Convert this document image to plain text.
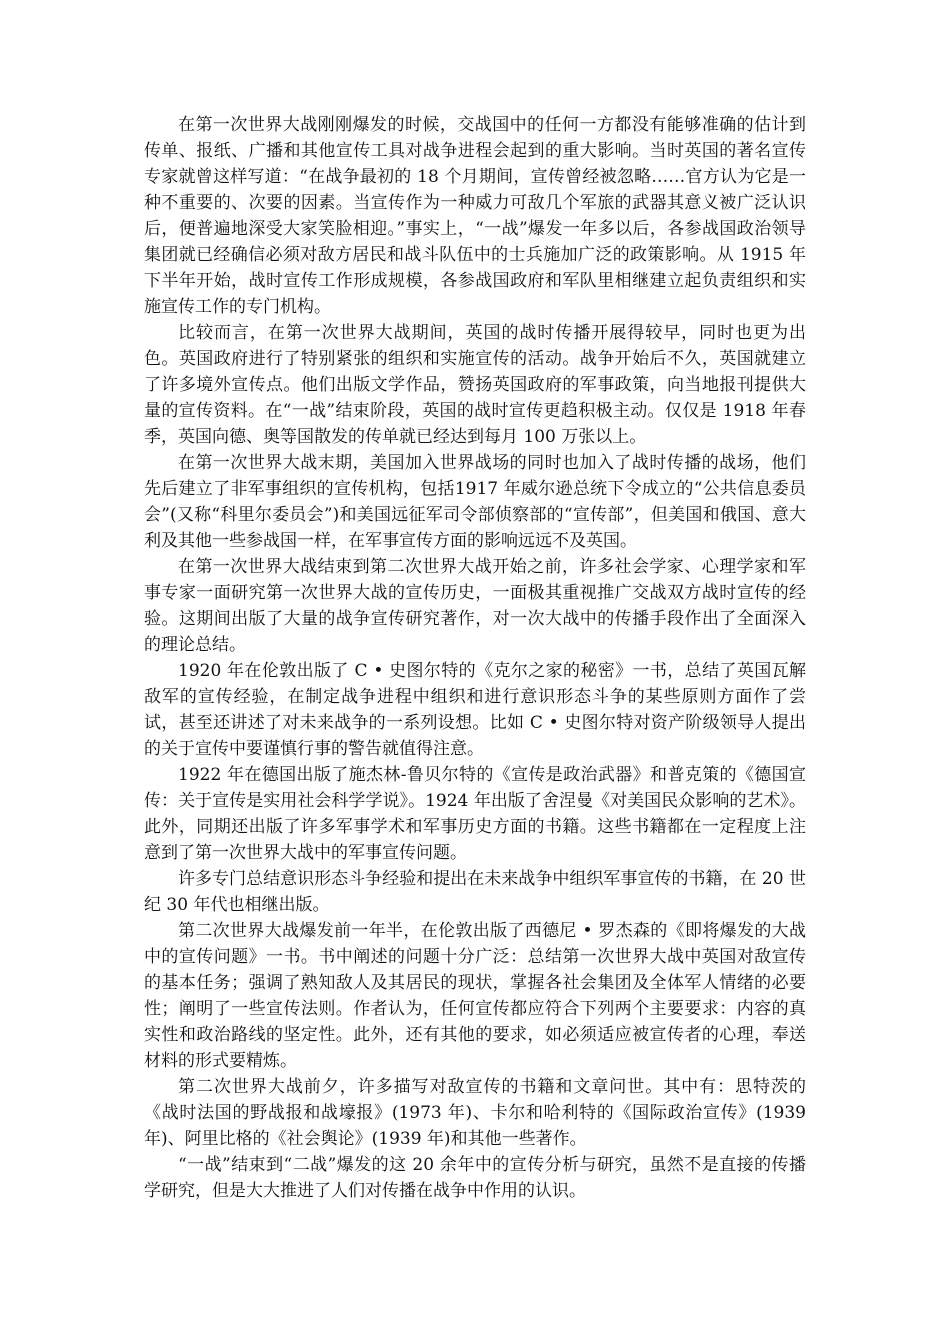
在第一次世界大战刚刚爆发的时候，交战国中的任何一方都没有能够准确的估计到传单、报纸、广播和其他宣传工具对战争进程会起到的重大影响。当时英国的著名宣传专家就曾这样写道：“在战争最初的 18 个月期间，宣传曾经被忽略……官方认为它是一种不重要的、次要的因素。当宣传作为一种威力可敌几个军旅的武器其意义被广泛认识后，便普遍地深受大家笑脸相迎。”事实上，“一战”爆发一年多以后，各参战国政治领导集团就已经确信必须对敌方居民和战斗队伍中的士兵施加广泛的政策影响。从 1915 年下半年开始，战时宣传工作形成规模，各参战国政府和军队里相继建立起负责组织和实施宣传工作的专门机构。

比较而言，在第一次世界大战期间，英国的战时传播开展得较早，同时也更为出色。英国政府进行了特别紧张的组织和实施宣传的活动。战争开始后不久，英国就建立了许多境外宣传点。他们出版文学作品，赞扬英国政府的军事政策，向当地报刊提供大量的宣传资料。在“一战”结束阶段，英国的战时宣传更趋积极主动。仅仅是 1918 年春季，英国向德、奥等国散发的传单就已经达到每月 100 万张以上。

在第一次世界大战末期，美国加入世界战场的同时也加入了战时传播的战场，他们先后建立了非军事组织的宣传机构，包括1917 年威尔逊总统下令成立的“公共信息委员会”(又称“科里尔委员会”)和美国远征军司令部侦察部的“宣传部”，但美国和俄国、意大利及其他一些参战国一样，在军事宣传方面的影响远远不及英国。

在第一次世界大战结束到第二次世界大战开始之前，许多社会学家、心理学家和军事专家一面研究第一次世界大战的宣传历史，一面极其重视推广交战双方战时宣传的经验。这期间出版了大量的战争宣传研究著作，对一次大战中的传播手段作出了全面深入的理论总结。

1920 年在伦敦出版了 C • 史图尔特的《克尔之家的秘密》一书，总结了英国瓦解敌军的宣传经验，在制定战争进程中组织和进行意识形态斗争的某些原则方面作了尝试，甚至还讲述了对未来战争的一系列设想。比如 C • 史图尔特对资产阶级领导人提出的关于宣传中要谨慎行事的警告就值得注意。

1922 年在德国出版了施杰林-鲁贝尔特的《宣传是政治武器》和普克策的《德国宣传：关于宣传是实用社会科学学说》。1924 年出版了舍涅曼《对美国民众影响的艺术》。此外，同期还出版了许多军事学术和军事历史方面的书籍。这些书籍都在一定程度上注意到了第一次世界大战中的军事宣传问题。

许多专门总结意识形态斗争经验和提出在未来战争中组织军事宣传的书籍，在 20 世纪 30 年代也相继出版。

第二次世界大战爆发前一年半，在伦敦出版了西德尼 • 罗杰森的《即将爆发的大战中的宣传问题》一书。书中阐述的问题十分广泛：总结第一次世界大战中英国对敌宣传的基本任务；强调了熟知敌人及其居民的现状，掌握各社会集团及全体军人情绪的必要性；阐明了一些宣传法则。作者认为，任何宣传都应符合下列两个主要要求：内容的真实性和政治路线的坚定性。此外，还有其他的要求，如必须适应被宣传者的心理，奉送材料的形式要精炼。

第二次世界大战前夕，许多描写对敌宣传的书籍和文章问世。其中有：思特茨的《战时法国的野战报和战壕报》(1973 年)、卡尔和哈利特的《国际政治宣传》(1939 年)、阿里比格的《社会舆论》(1939 年)和其他一些著作。

“一战”结束到“二战”爆发的这 20 余年中的宣传分析与研究，虽然不是直接的传播学研究，但是大大推进了人们对传播在战争中作用的认识。
